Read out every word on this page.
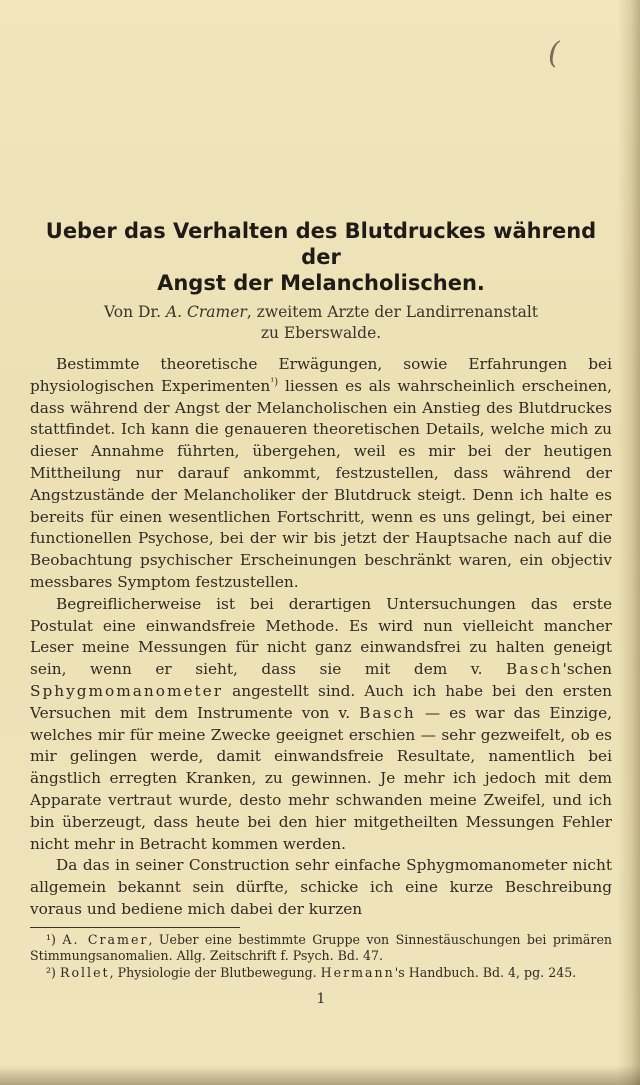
(
Ueber das Verhalten des Blutdruckes während der
Angst der Melancholischen.
Von Dr. A. Cramer, zweitem Arzte der Landirrenanstalt
zu Eberswalde.

Bestimmte theoretische Erwägungen, sowie Erfahrungen bei physiologischen Experimenten$^{^1)}$ liessen es als wahrscheinlich erscheinen, dass während der Angst der Melancholischen ein Anstieg des Blutdruckes stattfindet. Ich kann die genaueren theoretischen Details, welche mich zu dieser Annahme führten, übergehen, weil es mir bei der heutigen Mittheilung nur darauf ankommt, festzustellen, dass während der Angstzustände der Melancholiker der Blutdruck steigt. Denn ich halte es bereits für einen wesentlichen Fortschritt, wenn es uns gelingt, bei einer functionellen Psychose, bei der wir bis jetzt der Hauptsache nach auf die Beobachtung psychischer Erscheinungen beschränkt waren, ein objectiv messbares Symptom festzustellen.

Begreiflicherweise ist bei derartigen Untersuchungen das erste Postulat eine einwandsfreie Methode. Es wird nun vielleicht mancher Leser meine Messungen für nicht ganz einwandsfrei zu halten geneigt sein, wenn er sieht, dass sie mit dem v. Basch'schen Sphygmomanometer angestellt sind. Auch ich habe bei den ersten Versuchen mit dem Instrumente von v. Basch — es war das Einzige, welches mir für meine Zwecke geeignet erschien — sehr gezweifelt, ob es mir gelingen werde, damit einwandsfreie Resultate, namentlich bei ängstlich erregten Kranken, zu gewinnen. Je mehr ich jedoch mit dem Apparate vertraut wurde, desto mehr schwanden meine Zweifel, und ich bin überzeugt, dass heute bei den hier mitgetheilten Messungen Fehler nicht mehr in Betracht kommen werden.

Da das in seiner Construction sehr einfache Sphygmomanometer nicht allgemein bekannt sein dürfte, schicke ich eine kurze Beschreibung voraus und bediene mich dabei der kurzen

¹) A. Cramer, Ueber eine bestimmte Gruppe von Sinnestäuschungen bei primären Stimmungsanomalien. Allg. Zeitschrift f. Psych. Bd. 47.

²) Rollet, Physiologie der Blutbewegung. Hermann's Handbuch. Bd. 4, pg. 245.

1
